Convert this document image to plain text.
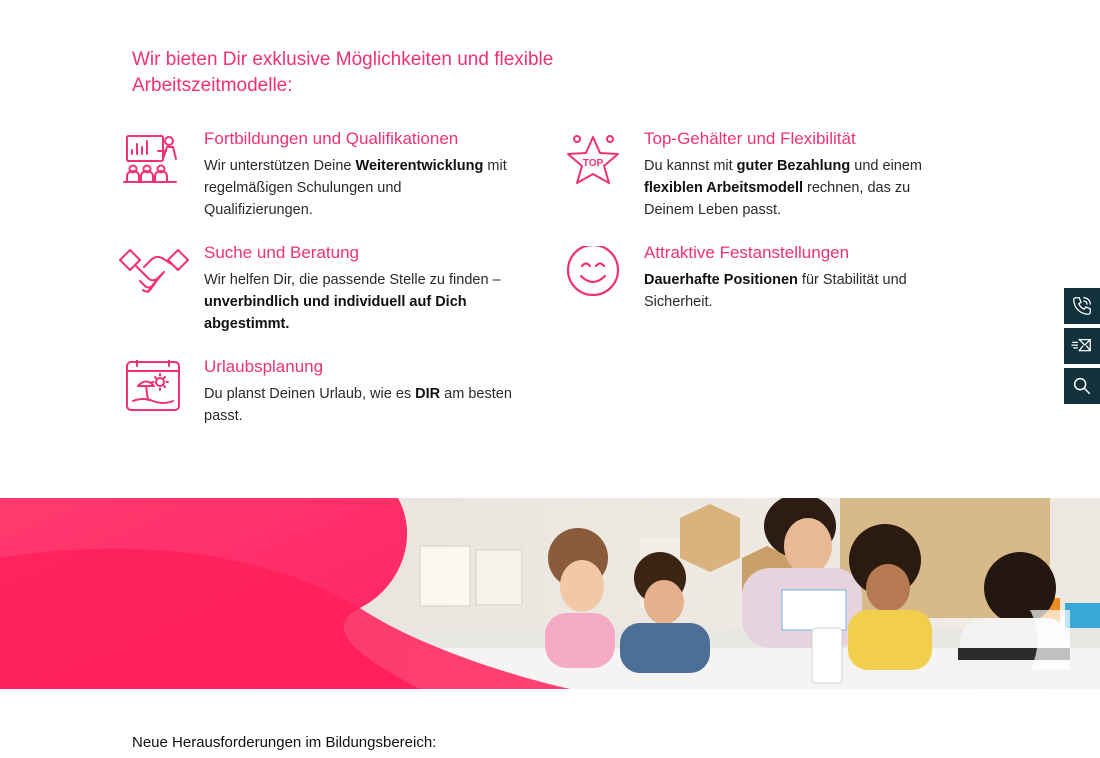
Wir bieten Dir exklusive Möglichkeiten und flexible Arbeitszeitmodelle:
Fortbildungen und Qualifikationen
Wir unterstützen Deine Weiterentwicklung mit regelmäßigen Schulungen und Qualifizierungen.
TOP
Top-Gehälter und Flexibilität
Du kannst mit guter Bezahlung und einem flexiblen Arbeitsmodell rechnen, das zu Deinem Leben passt.
Suche und Beratung
Wir helfen Dir, die passende Stelle zu finden – unverbindlich und individuell auf Dich abgestimmt.
Attraktive Festanstellungen
Dauerhafte Positionen für Stabilität und Sicherheit.
Urlaubsplanung
Du planst Deinen Urlaub, wie es DIR am besten passt.
Neue Herausforderungen im Bildungsbereich:
